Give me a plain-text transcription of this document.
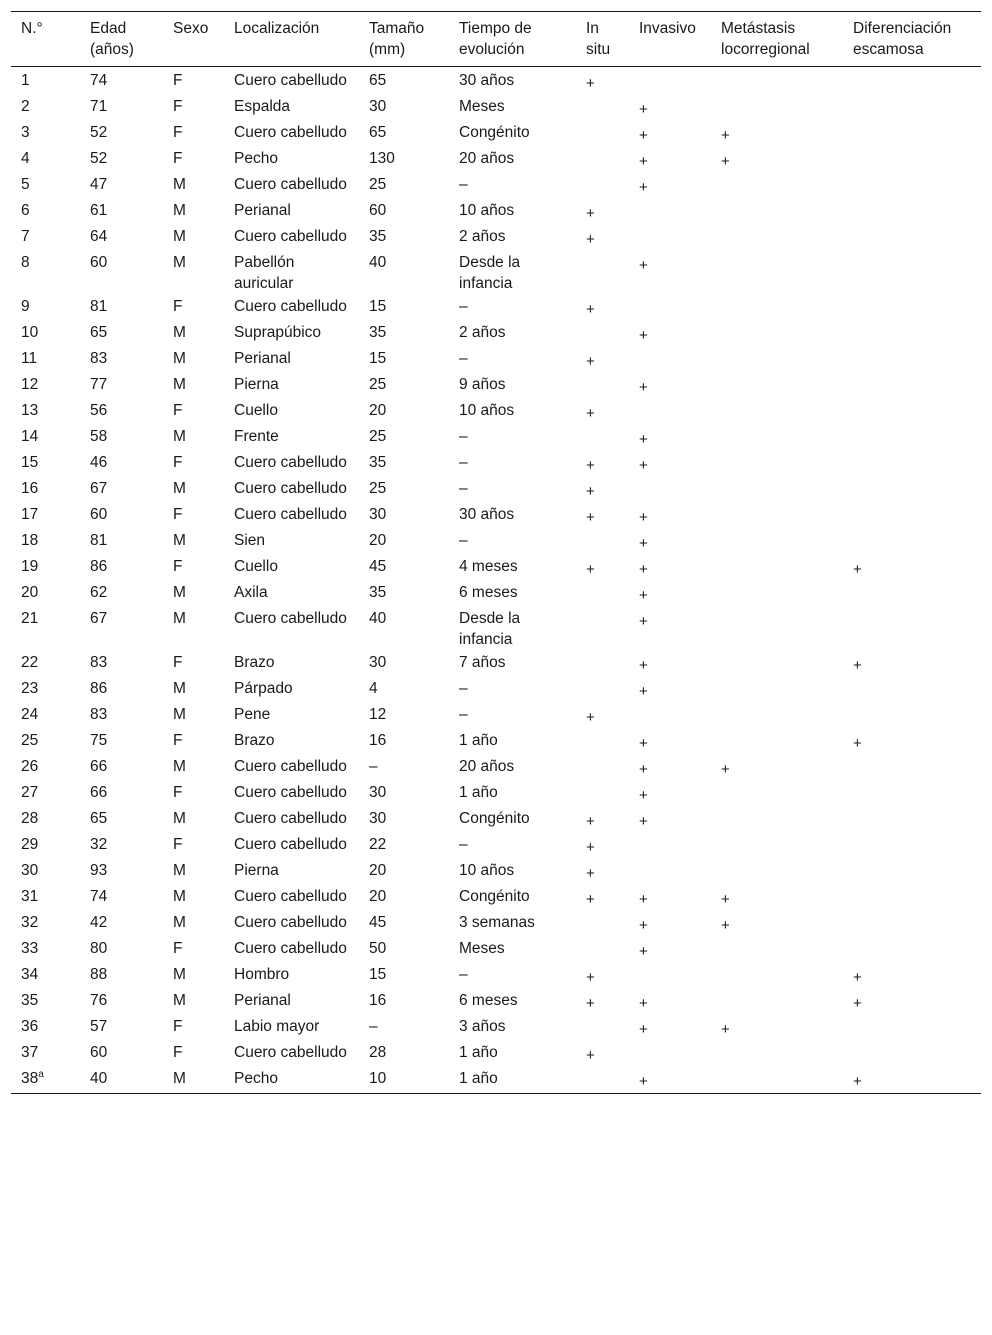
N.°	Edad (años)	Sexo	Localización	Tamaño (mm)	Tiempo de evolución	In situ	Invasivo	Metástasis locorregional	Diferenciación escamosa
1	74	F	Cuero cabelludo	65	30 años	+			
2	71	F	Espalda	30	Meses		+		
3	52	F	Cuero cabelludo	65	Congénito		+	+	
4	52	F	Pecho	130	20 años		+	+	
5	47	M	Cuero cabelludo	25	–		+		
6	61	M	Perianal	60	10 años	+			
7	64	M	Cuero cabelludo	35	2 años	+			
8	60	M	Pabellón auricular	40	Desde la infancia		+		
9	81	F	Cuero cabelludo	15	–	+			
10	65	M	Suprapúbico	35	2 años		+		
11	83	M	Perianal	15	–	+			
12	77	M	Pierna	25	9 años		+		
13	56	F	Cuello	20	10 años	+			
14	58	M	Frente	25	–		+		
15	46	F	Cuero cabelludo	35	–	+	+		
16	67	M	Cuero cabelludo	25	–	+			
17	60	F	Cuero cabelludo	30	30 años	+	+		
18	81	M	Sien	20	–		+		
19	86	F	Cuello	45	4 meses	+	+		+
20	62	M	Axila	35	6 meses		+		
21	67	M	Cuero cabelludo	40	Desde la infancia		+		
22	83	F	Brazo	30	7 años		+		+
23	86	M	Párpado	4	–		+		
24	83	M	Pene	12	–	+			
25	75	F	Brazo	16	1 año		+		+
26	66	M	Cuero cabelludo	–	20 años		+	+	
27	66	F	Cuero cabelludo	30	1 año		+		
28	65	M	Cuero cabelludo	30	Congénito	+	+		
29	32	F	Cuero cabelludo	22	–	+			
30	93	M	Pierna	20	10 años	+			
31	74	M	Cuero cabelludo	20	Congénito	+	+	+	
32	42	M	Cuero cabelludo	45	3 semanas		+	+	
33	80	F	Cuero cabelludo	50	Meses		+		
34	88	M	Hombro	15	–	+			+
35	76	M	Perianal	16	6 meses	+	+		+
36	57	F	Labio mayor	–	3 años		+	+	
37	60	F	Cuero cabelludo	28	1 año	+			
38$^a$	40	M	Pecho	10	1 año		+		+
